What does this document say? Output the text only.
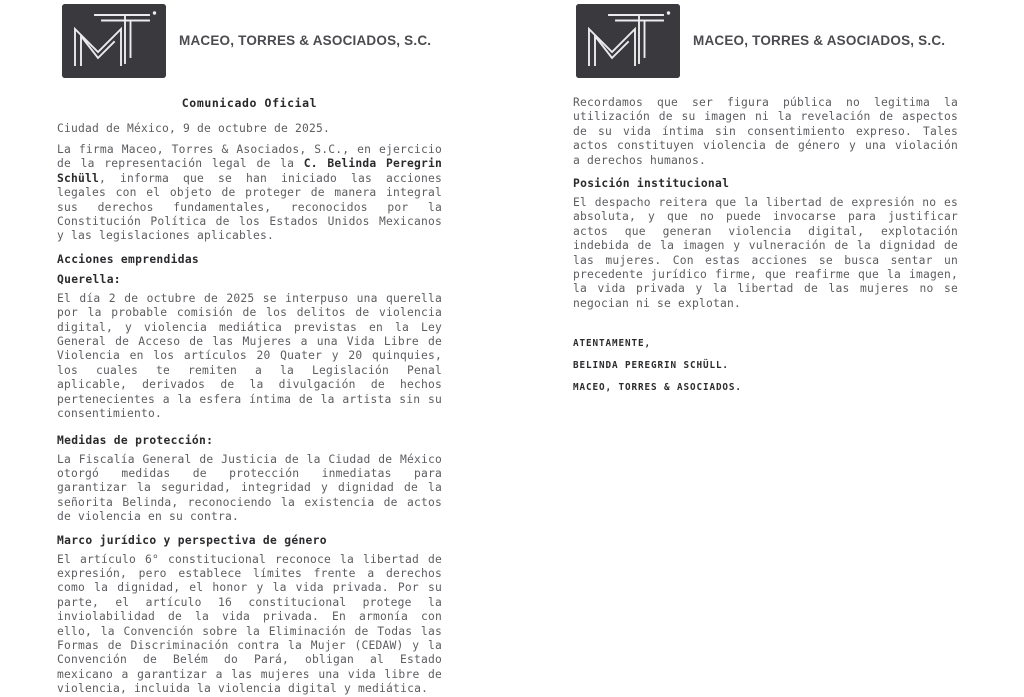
MACEO, TORRES & ASOCIADOS, S.C.
Comunicado Oficial

Ciudad de México, 9 de octubre de 2025.

La firma Maceo, Torres & Asociados, S.C., en ejercicio de la representación legal de la C. Belinda Peregrin Schüll, informa que se han iniciado las acciones legales con el objeto de proteger de manera integral sus derechos fundamentales, reconocidos por la Constitución Política de los Estados Unidos Mexicanos y las legislaciones aplicables.

Acciones emprendidas
Querella:

El día 2 de octubre de 2025 se interpuso una querella por la probable comisión de los delitos de violencia digital, y violencia mediática previstas en la Ley General de Acceso de las Mujeres a una Vida Libre de Violencia en los artículos 20 Quater y 20 quinquies, los cuales te remiten a la Legislación Penal aplicable, derivados de la divulgación de hechos pertenecientes a la esfera íntima de la artista sin su consentimiento.

Medidas de protección:

La Fiscalía General de Justicia de la Ciudad de México otorgó medidas de protección inmediatas para garantizar la seguridad, integridad y dignidad de la señorita Belinda, reconociendo la existencia de actos de violencia en su contra.

Marco jurídico y perspectiva de género

El artículo 6° constitucional reconoce la libertad de expresión, pero establece límites frente a derechos como la dignidad, el honor y la vida privada. Por su parte, el artículo 16 constitucional protege la inviolabilidad de la vida privada. En armonía con ello, la Convención sobre la Eliminación de Todas las Formas de Discriminación contra la Mujer (CEDAW) y la Convención de Belém do Pará, obligan al Estado mexicano a garantizar a las mujeres una vida libre de violencia, incluida la violencia digital y mediática.

MACEO, TORRES & ASOCIADOS, S.C.

Recordamos que ser figura pública no legitima la utilización de su imagen ni la revelación de aspectos de su vida íntima sin consentimiento expreso. Tales actos constituyen violencia de género y una violación a derechos humanos.

Posición institucional

El despacho reitera que la libertad de expresión no es absoluta, y que no puede invocarse para justificar actos que generan violencia digital, explotación indebida de la imagen y vulneración de la dignidad de las mujeres. Con estas acciones se busca sentar un precedente jurídico firme, que reafirme que la imagen, la vida privada y la libertad de las mujeres no se negocian ni se explotan.

ATENTAMENTE,

BELINDA PEREGRIN SCHÜLL.

MACEO, TORRES & ASOCIADOS.
